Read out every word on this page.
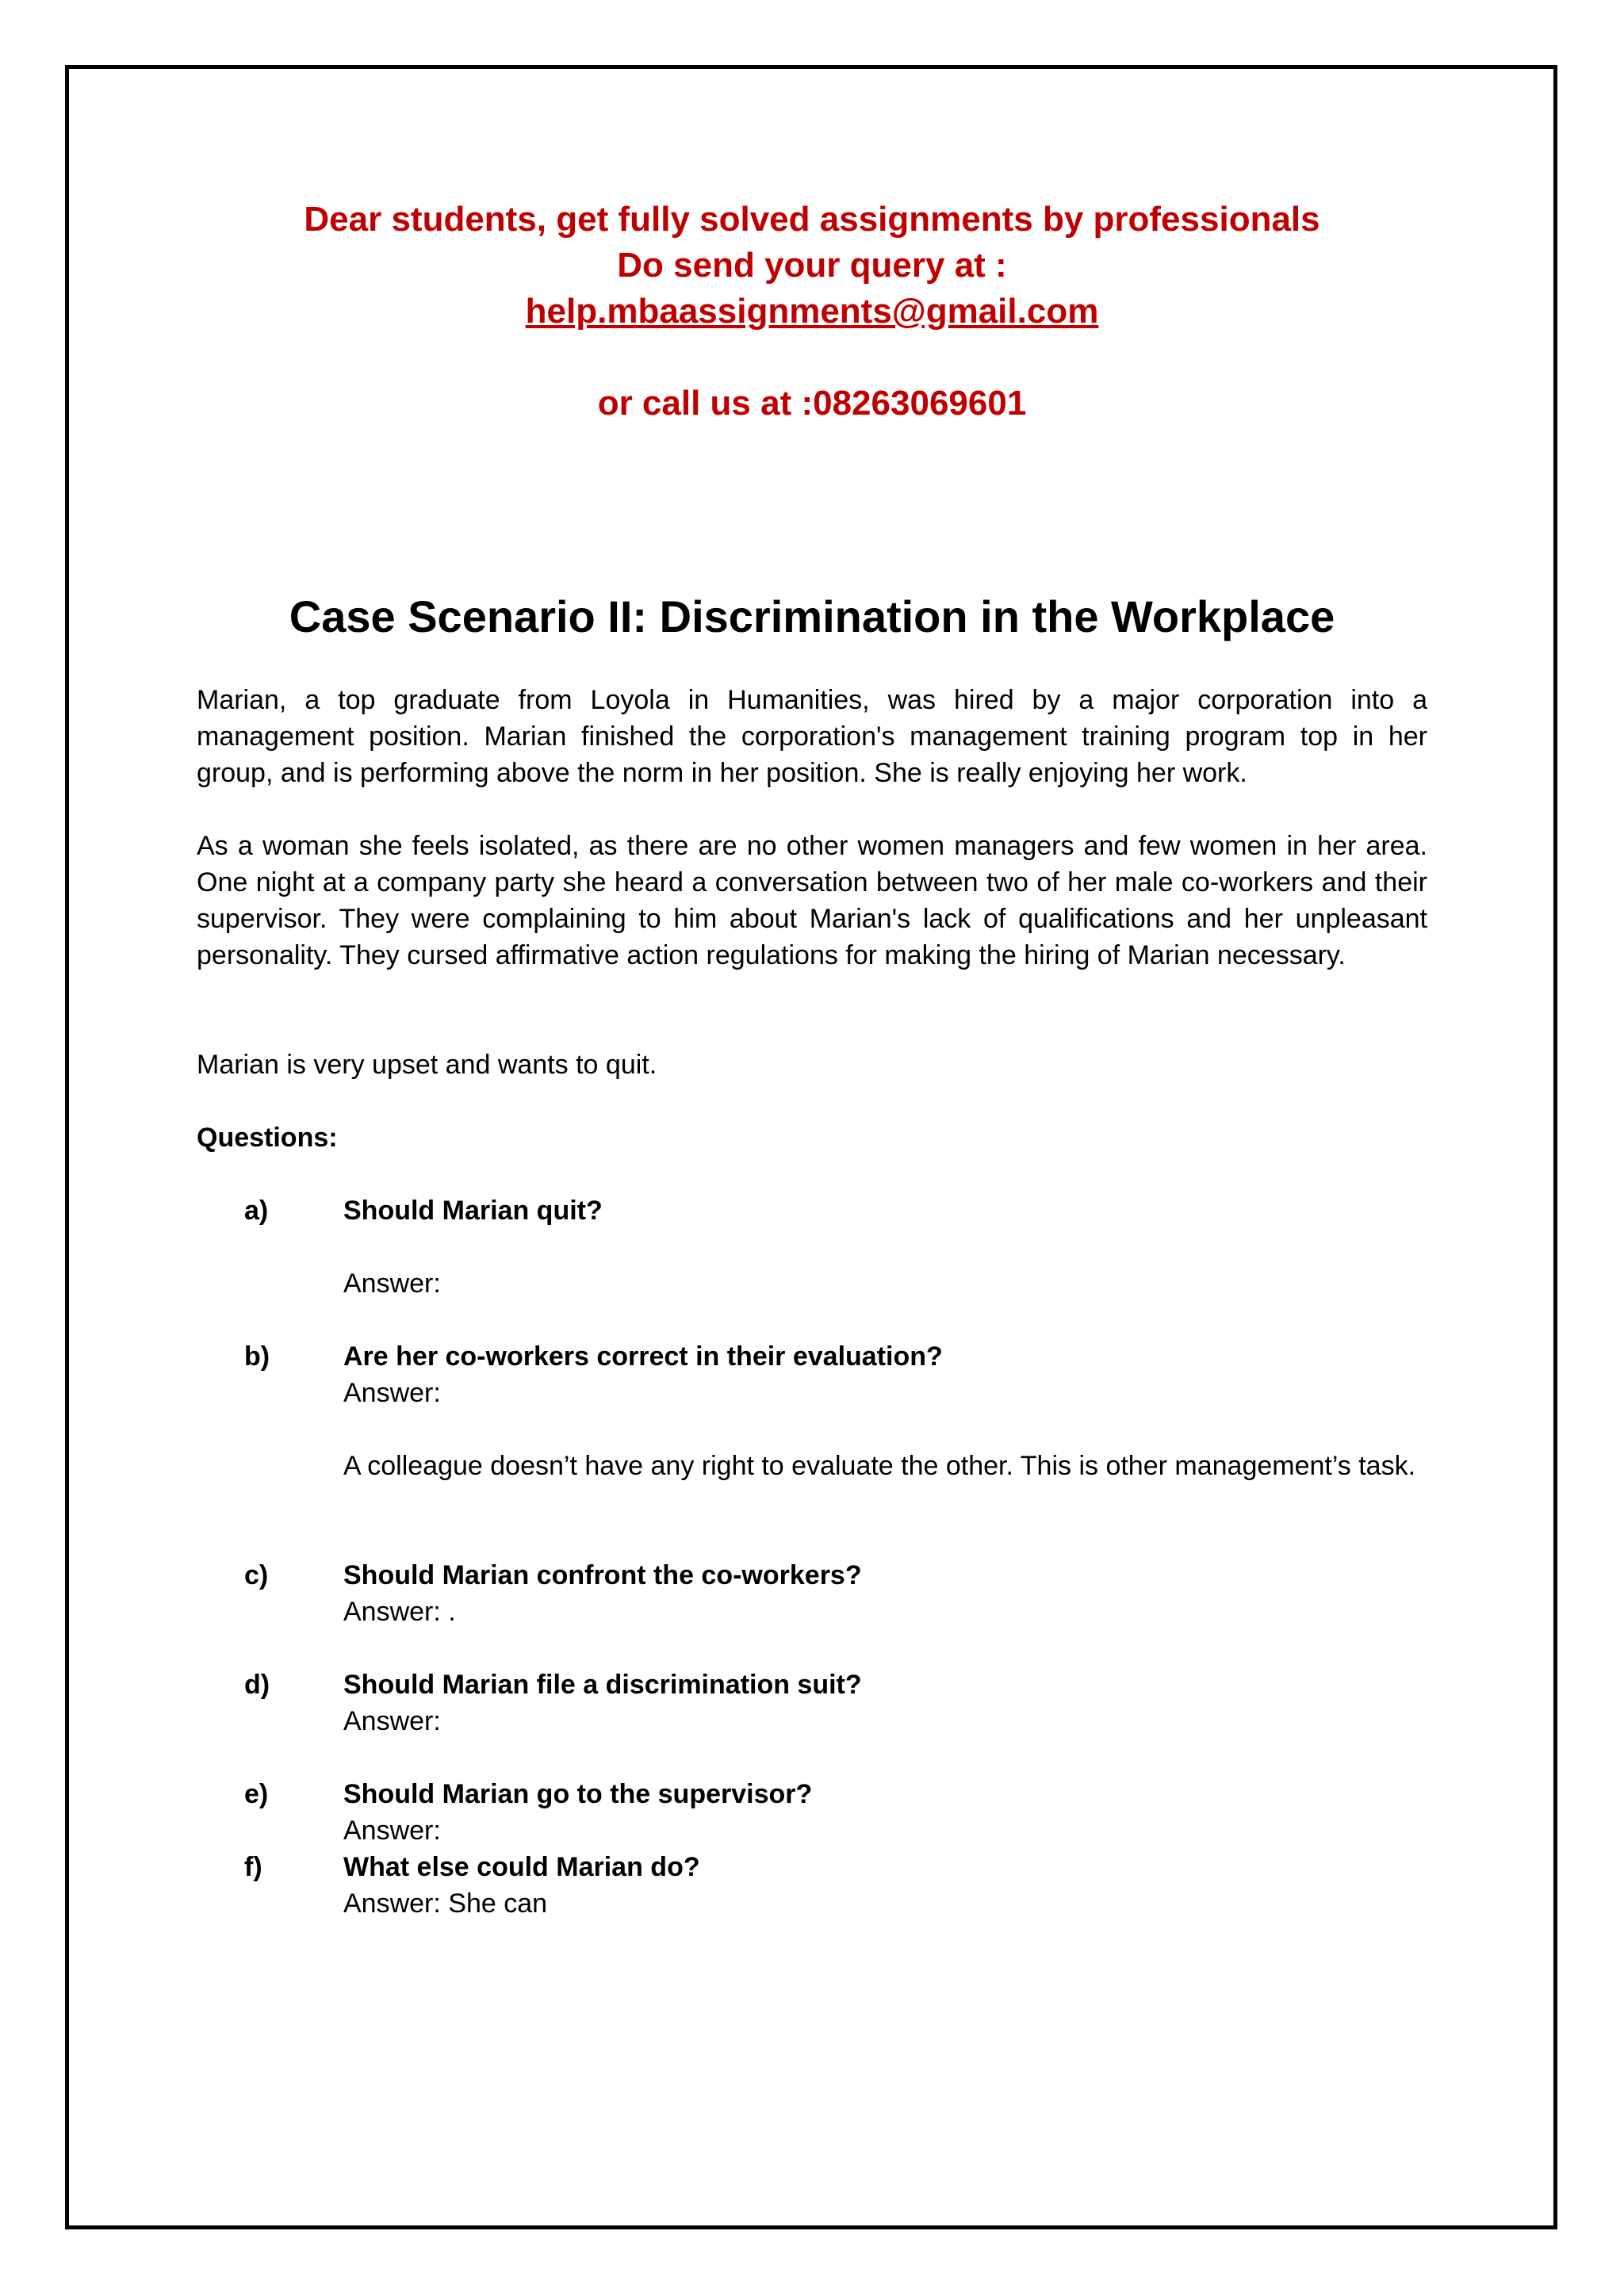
Dear students, get fully solved assignments by professionals
Do send your query at :
help.mbaassignments@gmail.com
or call us at :08263069601
Case Scenario II: Discrimination in the Workplace

Marian, a top graduate from Loyola in Humanities, was hired by a major corporation into a management position. Marian finished the corporation's management training program top in her group, and is performing above the norm in her position. She is really enjoying her work.

As a woman she feels isolated, as there are no other women managers and few women in her area. One night at a company party she heard a conversation between two of her male co-workers and their supervisor. They were complaining to him about Marian's lack of qualifications and her unpleasant personality. They cursed affirmative action regulations for making the hiring of Marian necessary.

Marian is very upset and wants to quit.

Questions:
a)	Should Marian quit?
Answer:
b)	Are her co-workers correct in their evaluation?
Answer:
A colleague doesn’t have any right to evaluate the other. This is other management’s task.
c)	Should Marian confront the co-workers?
Answer: .
d)	Should Marian file a discrimination suit?
Answer:
e)	Should Marian go to the supervisor?
Answer:
f)	What else could Marian do?
Answer: She can
